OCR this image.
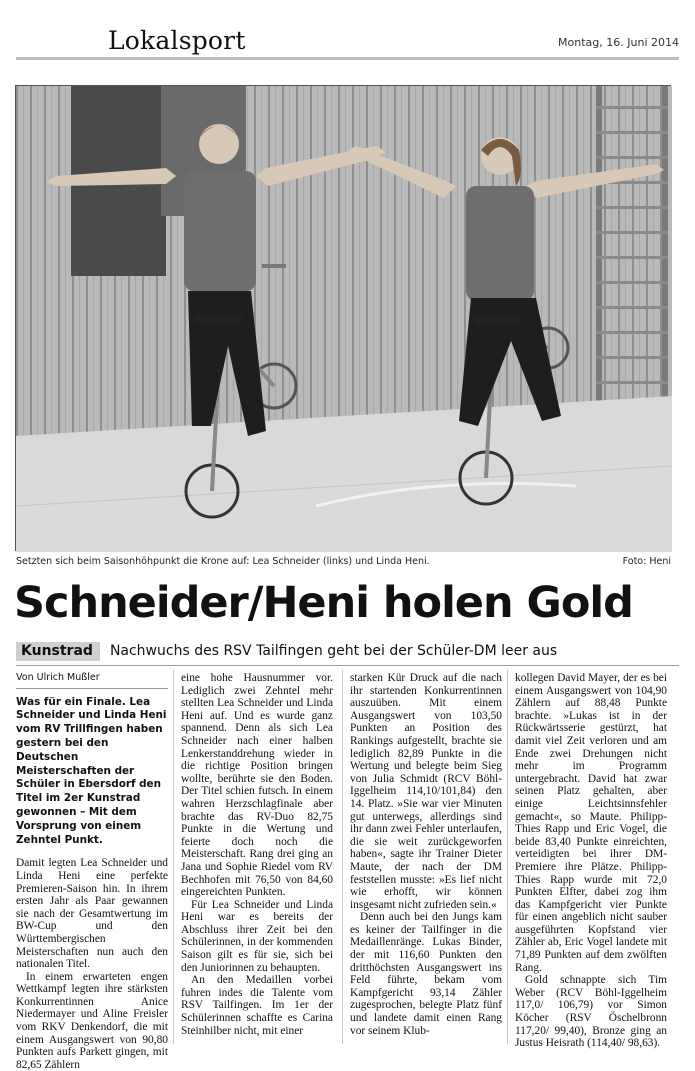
Lokalsport	Montag, 16. Juni 2014
Setzten sich beim Saisonhöhpunkt die Krone auf: Lea Schneider (links) und Linda Heni.	Foto: Heni
Schneider/Heni holen Gold
Kunstrad	Nachwuchs des RSV Tailfingen geht bei der Schüler-DM leer aus
Von Ulrich Mußler

Was für ein Finale. Lea Schneider und Linda Heni vom RV Trillfingen haben gestern bei den Deutschen Meisterschaften der Schüler in Ebersdorf den Titel im 2er Kunstrad gewonnen – Mit dem Vorsprung von einem Zehntel Punkt.

Damit legten Lea Schneider und Linda Heni eine perfekte Premieren-Saison hin. In ihrem ersten Jahr als Paar gewannen sie nach der Gesamtwertung im BW-Cup und den Württembergischen Meisterschaften nun auch den nationalen Titel.

In einem erwarteten engen Wettkampf legten ihre stärksten Konkurrentinnen Anice Niedermayer und Aline Freisler vom RKV Denkendorf, die mit einem Ausgangswert von 90,80 Punkten aufs Parkett gingen, mit 82,65 Zählern

eine hohe Hausnummer vor. Lediglich zwei Zehntel mehr stellten Lea Schneider und Linda Heni auf. Und es wurde ganz spannend. Denn als sich Lea Schneider nach einer halben Lenkerstanddrehung wieder in die richtige Position bringen wollte, berührte sie den Boden. Der Titel schien futsch. In einem wahren Herzschlagfinale aber brachte das RV-Duo 82,75 Punkte in die Wertung und feierte doch noch die Meisterschaft. Rang drei ging an Jana und Sophie Riedel vom RV Bechhofen mit 76,50 von 84,60 eingereichten Punkten.

Für Lea Schneider und Linda Heni war es bereits der Abschluss ihrer Zeit bei den Schülerinnen, in der kommenden Saison gilt es für sie, sich bei den Juniorinnen zu behaupten.

An den Medaillen vorbei fuhren indes die Talente vom RSV Tailfingen. Im 1er der Schülerinnen schaffte es Carina Steinhilber nicht, mit einer

starken Kür Druck auf die nach ihr startenden Konkurrentinnen auszuüben. Mit einem Ausgangswert von 103,50 Punkten an Position des Rankings aufgestellt, brachte sie lediglich 82,89 Punkte in die Wertung und belegte beim Sieg von Julia Schmidt (RCV Böhl-Iggelheim 114,10/101,84) den 14. Platz. »Sie war vier Minuten gut unterwegs, allerdings sind ihr dann zwei Fehler unterlaufen, die sie weit zurückgeworfen haben«, sagte ihr Trainer Dieter Maute, der nach der DM feststellen musste: »Es lief nicht wie erhofft, wir können insgesamt nicht zufrieden sein.«

Denn auch bei den Jungs kam es keiner der Tailfinger in die Medaillenränge. Lukas Binder, der mit 116,60 Punkten den dritthöchsten Ausgangswert ins Feld führte, bekam vom Kampfgericht 93,14 Zähler zugesprochen, belegte Platz fünf und landete damit einen Rang vor seinem Klub-

kollegen David Mayer, der es bei einem Ausgangswert von 104,90 Zählern auf 88,48 Punkte brachte. »Lukas ist in der Rückwärtsserie gestürzt, hat damit viel Zeit verloren und am Ende zwei Drehungen nicht mehr im Programm untergebracht. David hat zwar seinen Platz gehalten, aber einige Leichtsinnsfehler gemacht«, so Maute. Philipp-Thies Rapp und Eric Vogel, die beide 83,40 Punkte einreichten, verteidigten bei ihrer DM-Premiere ihre Plätze. Philipp-Thies Rapp wurde mit 72,0 Punkten Elfter, dabei zog ihm das Kampfgericht vier Punkte für einen angeblich nicht sauber ausgeführten Kopfstand vier Zähler ab, Eric Vogel landete mit 71,89 Punkten auf dem zwölften Rang.

Gold schnappte sich Tim Weber (RCV Böhl-Iggelheim 117,0/ 106,79) vor Simon Köcher (RSV Öschelbronn 117,20/ 99,40), Bronze ging an Justus Heisrath (114,40/ 98,63).
